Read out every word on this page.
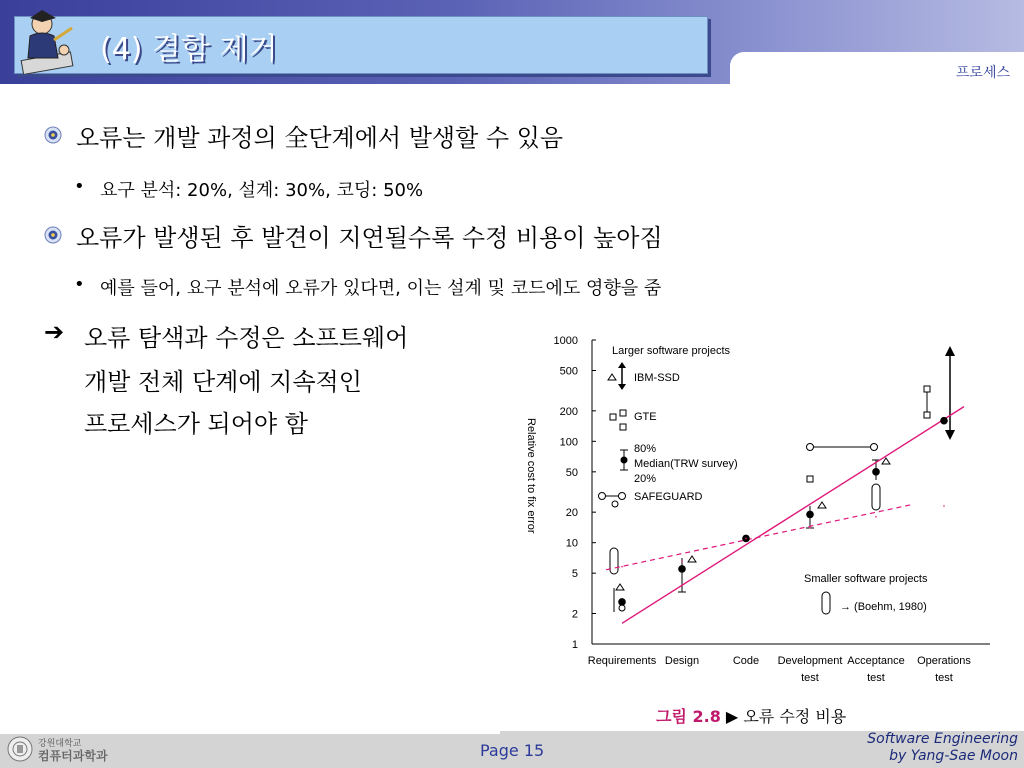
(4) 결함 제거
프로세스
오류는 개발 과정의 全단계에서 발생할 수 있음
• 요구 분석: 20%, 설계: 30%, 코딩: 50%
오류가 발생된 후 발견이 지연될수록 수정 비용이 높아짐
• 예를 들어, 요구 분석에 오류가 있다면, 이는 설계 및 코드에도 영향을 줌
➔ 오류 탐색과 수정은 소프트웨어
개발 전체 단계에 지속적인
프로세스가 되어야 함
1000
500
200
100
50
20
10
5
2
1
Relative cost to fix error
Requirements Design	Code Development
test
Acceptance
test
Operations
test
Larger software projects
IBM-SSD
GTE
80%
Median(TRW survey)
20%
SAFEGUARD
Smaller software projects
→ (Boehm, 1980)
그림 2.8 ▶ 오류 수정 비용
강원대학교
컴퓨터과학과	Page 15
Software Engineering
by Yang-Sae Moon
